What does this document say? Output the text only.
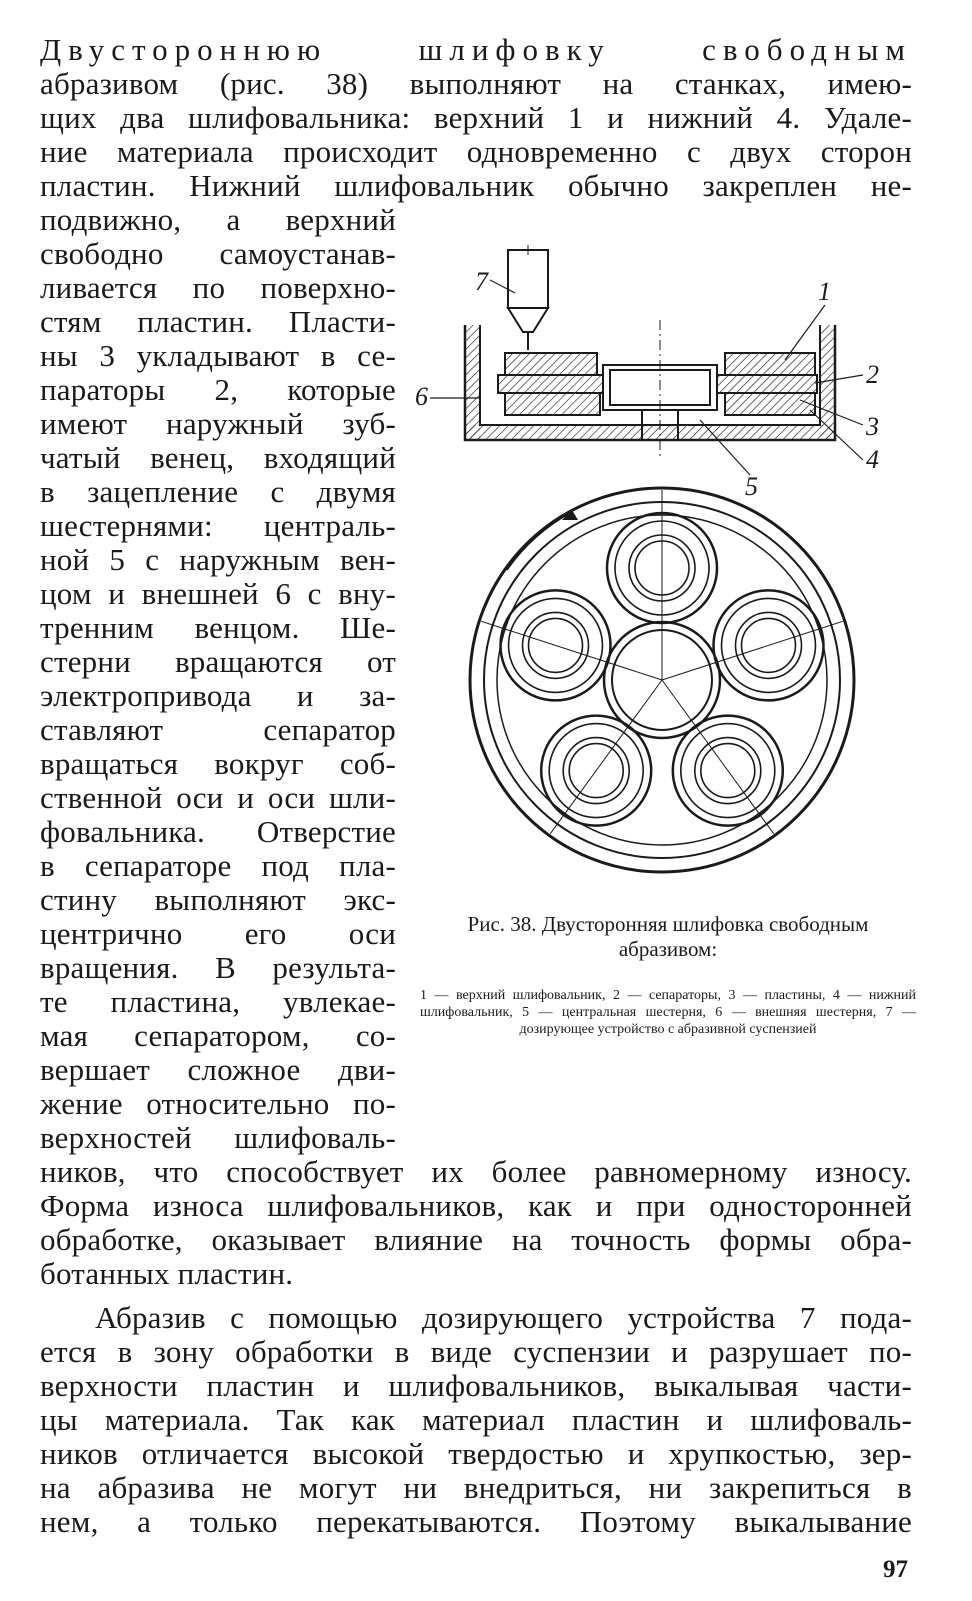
Двустороннюю шлифовку свободным
абразивом (рис. 38) выполняют на станках, имею-
щих два шлифовальника: верхний 1 и нижний 4. Удале-
ние материала происходит одновременно с двух сторон
пластин. Нижний шлифовальник обычно закреплен не-
подвижно, а верхний
свободно самоустанав-
ливается по поверхно-
стям пластин. Пласти-
ны 3 укладывают в се-
параторы 2, которые
имеют наружный зуб-
чатый венец, входящий
в зацепление с двумя
шестернями: централь-
ной 5 с наружным вен-
цом и внешней 6 с вну-
тренним венцом. Ше-
стерни вращаются от
электропривода и за-
ставляют сепаратор
вращаться вокруг соб-
ственной оси и оси шли-
фовальника. Отверстие
в сепараторе под пла-
стину выполняют экс-
центрично его оси
вращения. В результа-
те пластина, увлекае-
мая сепаратором, со-
вершает сложное дви-
жение относительно по-
верхностей шлифоваль-
ников, что способствует их более равномерному износу.
Форма износа шлифовальников, как и при односторонней
обработке, оказывает влияние на точность формы обра-
ботанных пластин.
Абразив с помощью дозирующего устройства 7 пода-
ется в зону обработки в виде суспензии и разрушает по-
верхности пластин и шлифовальников, выкалывая части-
цы материала. Так как материал пластин и шлифоваль-
ников отличается высокой твердостью и хрупкостью, зер-
на абразива не могут ни внедриться, ни закрепиться в
нем, а только перекатываются. Поэтому выкалывание
7	1
2
3
4
5
6
Рис. 38. Двусторонняя шлифовка свободным абразивом:
1 — верхний шлифовальник, 2 — сепараторы, 3 — пластины, 4 — нижний шлифовальник, 5 — центральная шестерня, 6 — внешняя шестерня, 7 — дозирующее устройство с абразивной суспензией
97
